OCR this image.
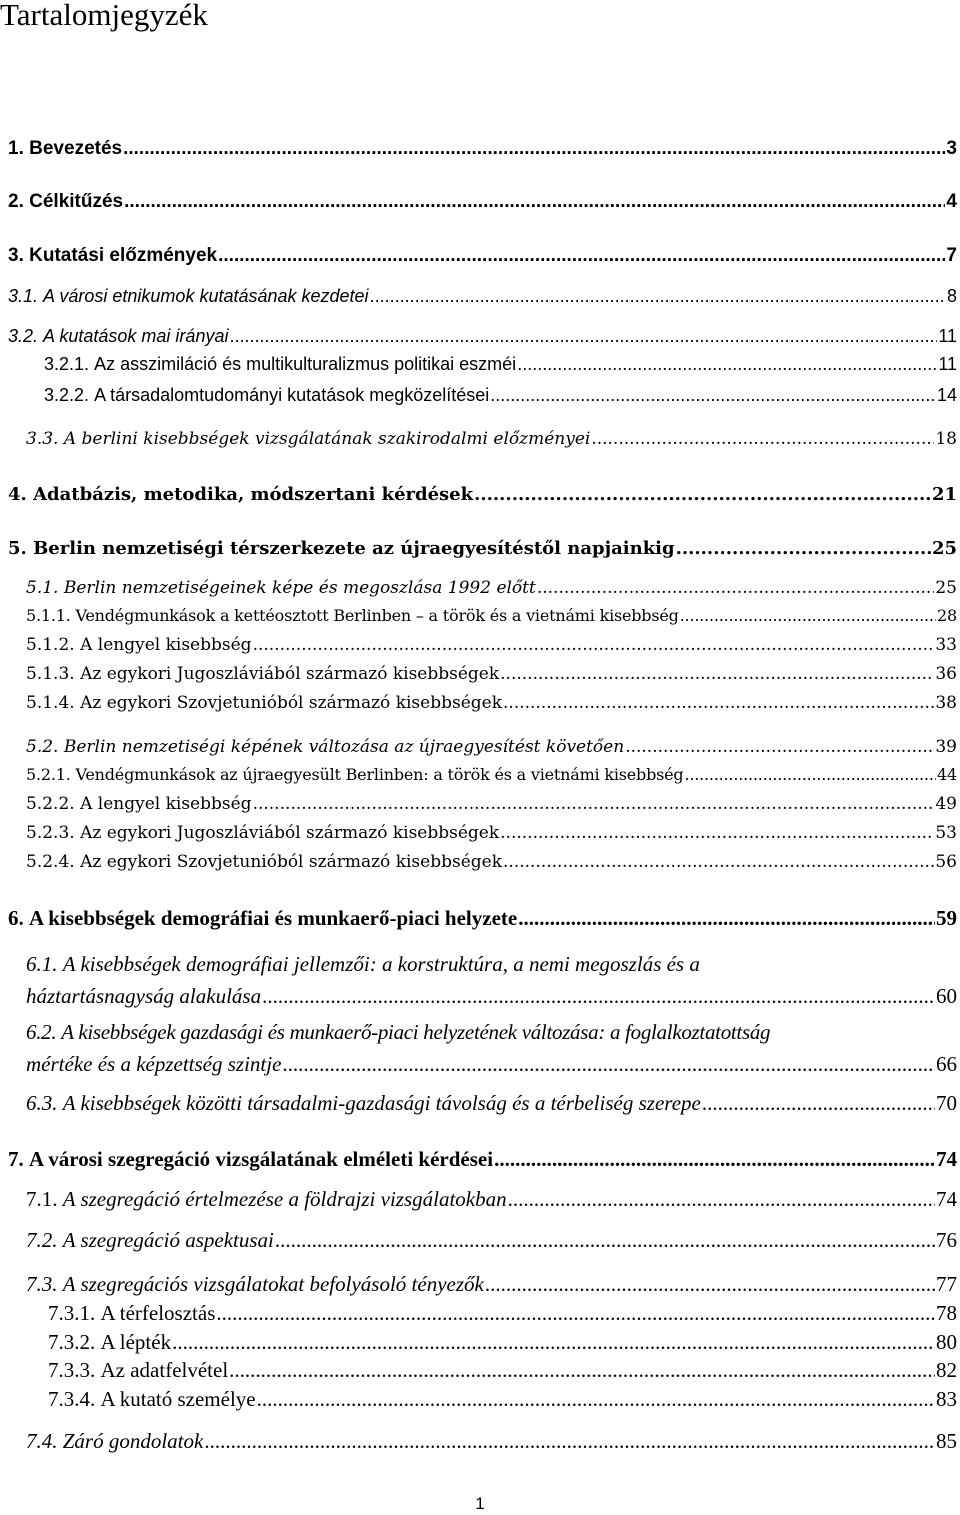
Tartalomjegyzék
1.
Bevezetés .....	3
2.
Célkitűzés .....	4
3.
Kutatási előzmények .....	7
3.1.
A városi etnikumok kutatásának kezdetei .....	8
3.2.
A kutatások mai irányai .....	11
3.2.1.
Az asszimiláció és multikulturalizmus politikai eszméi .....	11
3.2.2.
A társadalomtudományi kutatások megközelítései .....	14
3.3.
A berlini kisebbségek vizsgálatának szakirodalmi előzményei .....	18
4.
Adatbázis, metodika, módszertani kérdések .....	21
5.
Berlin nemzetiségi térszerkezete az újraegyesítéstől napjainkig .....	25
5.1.
Berlin nemzetiségeinek képe és megoszlása 1992 előtt .....	25
5.1.1.
Vendégmunkások a kettéosztott Berlinben – a török és a vietnámi kisebbség .....	28
5.1.2.
A lengyel kisebbség .....	33
5.1.3.
Az egykori Jugoszláviából származó kisebbségek .....	36
5.1.4.
Az egykori Szovjetunióból származó kisebbségek .....	38
5.2.
Berlin nemzetiségi képének változása az újraegyesítést követően .....	39
5.2.1.
Vendégmunkások az újraegyesült Berlinben: a török és a vietnámi kisebbség .....	44
5.2.2.
A lengyel kisebbség .....	49
5.2.3.
Az egykori Jugoszláviából származó kisebbségek .....	53
5.2.4.
Az egykori Szovjetunióból származó kisebbségek .....	56
6.
A kisebbségek demográfiai és munkaerő-piaci helyzete .....	59
6.1. A kisebbségek demográfiai jellemzői: a korstruktúra, a nemi megoszlás és a
háztartásnagyság alakulása .....	60
6.2. A kisebbségek gazdasági és munkaerő-piaci helyzetének változása: a foglalkoztatottság
mértéke és a képzettség szintje .....	66
6.3.
A kisebbségek közötti társadalmi-gazdasági távolság és a térbeliség szerepe .....	70
7.
A városi szegregáció vizsgálatának elméleti kérdései .....	74
7.1.
A szegregáció értelmezése a földrajzi vizsgálatokban .....	74
7.2.
A szegregáció aspektusai .....	76
7.3.
A szegregációs vizsgálatokat befolyásoló tényezők .....	77
7.3.1.
A térfelosztás .....	78
7.3.2.
A lépték .....	80
7.3.3.
Az adatfelvétel .....	82
7.3.4.
A kutató személye .....	83
7.4.
Záró gondolatok .....	85
1
